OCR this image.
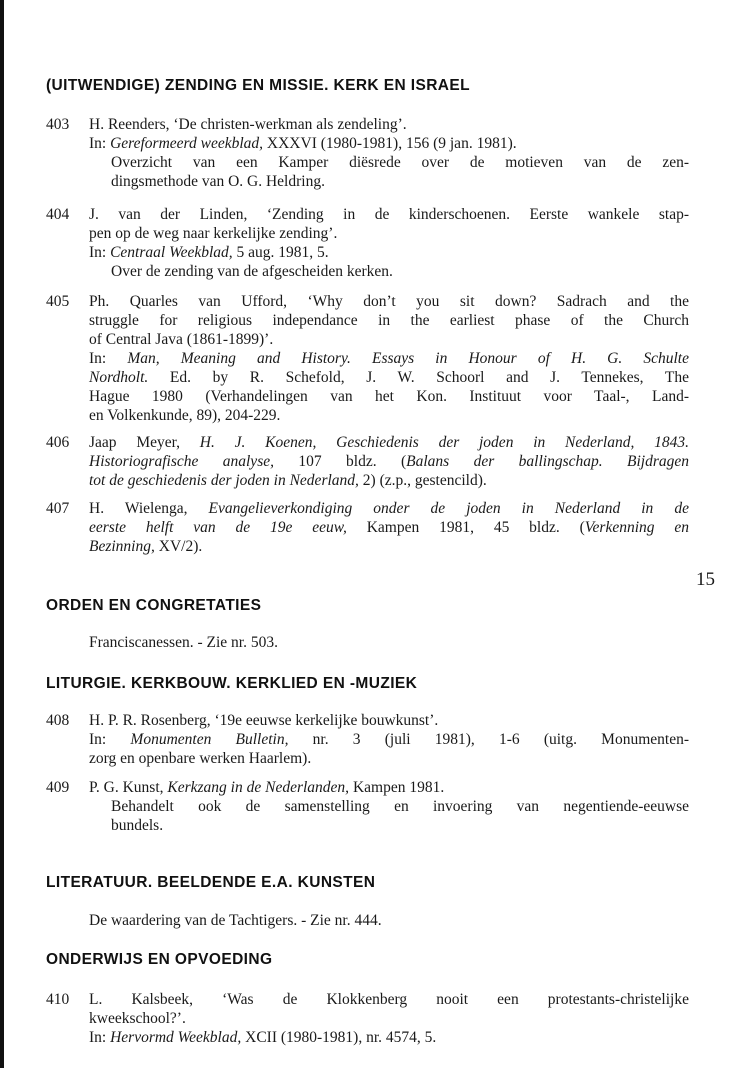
(UITWENDIGE) ZENDING EN MISSIE. KERK EN ISRAEL
403	H. Reenders, ‘De christen-werkman als zendeling’.
In: Gereformeerd weekblad, XXXVI (1980-1981), 156 (9 jan. 1981).
Overzicht van een Kamper diësrede over de motieven van de zen-
dingsmethode van O. G. Heldring.
404	J. van der Linden, ‘Zending in de kinderschoenen. Eerste wankele stap-
pen op de weg naar kerkelijke zending’.
In: Centraal Weekblad, 5 aug. 1981, 5.
Over de zending van de afgescheiden kerken.
405	Ph. Quarles van Ufford, ‘Why don’t you sit down? Sadrach and the
struggle for religious independance in the earliest phase of the Church
of Central Java (1861-1899)’.
In: Man, Meaning and History. Essays in Honour of H. G. Schulte
Nordholt. Ed. by R. Schefold, J. W. Schoorl and J. Tennekes, The
Hague 1980 (Verhandelingen van het Kon. Instituut voor Taal-, Land-
en Volkenkunde, 89), 204-229.
406	Jaap Meyer, H. J. Koenen, Geschiedenis der joden in Nederland, 1843.
Historiografische analyse, 107 bldz. (Balans der ballingschap. Bijdragen
tot de geschiedenis der joden in Nederland, 2) (z.p., gestencild).
407	H. Wielenga, Evangelieverkondiging onder de joden in Nederland in de
eerste helft van de 19e eeuw, Kampen 1981, 45 bldz. (Verkenning en
Bezinning, XV/2).
15
ORDEN EN CONGRETATIES
Franciscanessen. - Zie nr. 503.
LITURGIE. KERKBOUW. KERKLIED EN -MUZIEK
408	H. P. R. Rosenberg, ‘19e eeuwse kerkelijke bouwkunst’.
In: Monumenten Bulletin, nr. 3 (juli 1981), 1-6 (uitg. Monumenten-
zorg en openbare werken Haarlem).
409	P. G. Kunst, Kerkzang in de Nederlanden, Kampen 1981.
Behandelt ook de samenstelling en invoering van negentiende-eeuwse
bundels.
LITERATUUR. BEELDENDE E.A. KUNSTEN
De waardering van de Tachtigers. - Zie nr. 444.
ONDERWIJS EN OPVOEDING
410	L. Kalsbeek, ‘Was de Klokkenberg nooit een protestants-christelijke
kweekschool?’.
In: Hervormd Weekblad, XCII (1980-1981), nr. 4574, 5.
